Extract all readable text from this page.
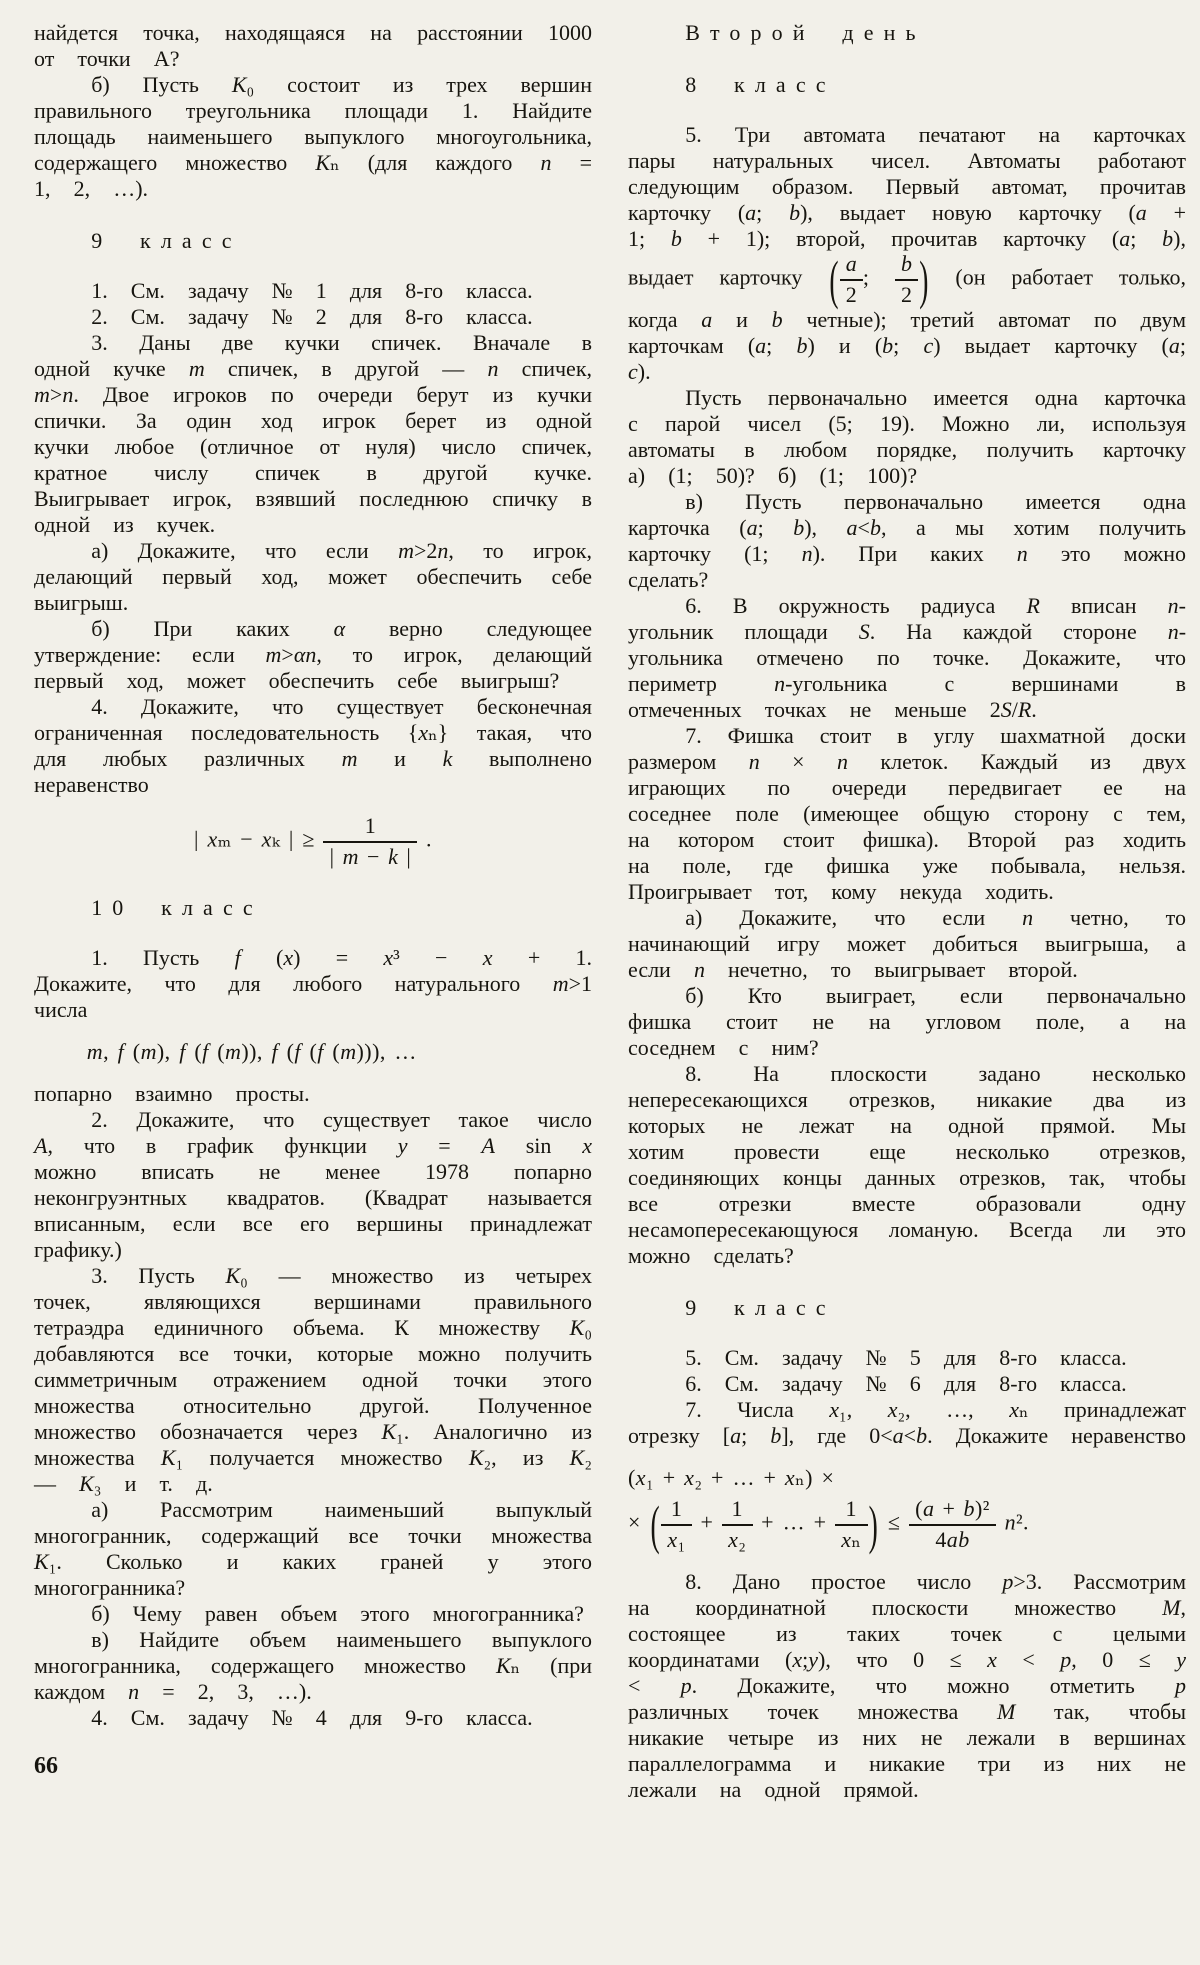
найдется точка, находящаяся на расстоянии 1000 от точки А?

б) Пусть K₀ состоит из трех вершин правильного треугольника площади 1. Найдите площадь наименьшего выпуклого многоугольника, содержащего множество Kₙ (для каждого n = 1, 2, …).

9 класс

1. См. задачу № 1 для 8-го класса.

2. См. задачу № 2 для 8-го класса.

3. Даны две кучки спичек. Вначале в одной кучке m спичек, в другой — n спичек, m>n. Двое игроков по очереди берут из кучки спички. За один ход игрок берет из одной кучки любое (отличное от нуля) число спичек, кратное числу спичек в другой кучке. Выигрывает игрок, взявший последнюю спичку в одной из кучек.

а) Докажите, что если m>2n, то игрок, делающий первый ход, может обеспечить себе выигрыш.

б) При каких α верно следующее утверждение: если m>αn, то игрок, делающий первый ход, может обеспечить себе выигрыш?

4. Докажите, что существует бесконечная ограниченная последовательность {xₙ} такая, что для любых различных m и k выполнено неравенство

| xₘ − xₖ | ≥ $\frac{1}{| m - k |}$ .

10 класс

1. Пусть f (x) = x³ − x + 1. Докажите, что для любого натурального m>1 числа

m, f (m), f (f (m)), f (f (f (m))), …

попарно взаимно просты.

2. Докажите, что существует такое число A, что в график функции y = A sin x можно вписать не менее 1978 попарно неконгруэнтных квадратов. (Квадрат называется вписанным, если все его вершины принадлежат графику.)

3. Пусть K₀ — множество из четырех точек, являющихся вершинами правильного тетраэдра единичного объема. К множеству K₀ добавляются все точки, которые можно получить симметричным отражением одной точки этого множества относительно другой. Полученное множество обозначается через K₁. Аналогично из множества K₁ получается множество K₂, из K₂ — K₃ и т. д.

а) Рассмотрим наименьший выпуклый многогранник, содержащий все точки множества K₁. Сколько и каких граней у этого многогранника?

б) Чему равен объем этого многогранника?

в) Найдите объем наименьшего выпуклого многогранника, содержащего множество Kₙ (при каждом n = 2, 3, …).

4. См. задачу № 4 для 9-го класса.

66

Второй день

8 класс

5. Три автомата печатают на карточках пары натуральных чисел. Автоматы работают следующим образом. Первый автомат, прочитав карточку (a; b), выдает новую карточку (a + 1; b + 1); второй, прочитав карточку (a; b), выдает карточку ( $\frac{a}{2}$ ; $\frac{b}{2}$ ) (он работает только, когда a и b четные); третий автомат по двум карточкам (a; b) и (b; c) выдает карточку (a; c).

Пусть первоначально имеется одна карточка с парой чисел (5; 19). Можно ли, используя автоматы в любом порядке, получить карточку а) (1; 50)? б) (1; 100)?

в) Пусть первоначально имеется одна карточка (a; b), a<b, а мы хотим получить карточку (1; n). При каких n это можно сделать?

6. В окружность радиуса R вписан n-угольник площади S. На каждой стороне n-угольника отмечено по точке. Докажите, что периметр n-угольника с вершинами в отмеченных точках не меньше 2S/R.

7. Фишка стоит в углу шахматной доски размером n × n клеток. Каждый из двух играющих по очереди передвигает ее на соседнее поле (имеющее общую сторону с тем, на котором стоит фишка). Второй раз ходить на поле, где фишка уже побывала, нельзя. Проигрывает тот, кому некуда ходить.

а) Докажите, что если n четно, то начинающий игру может добиться выигрыша, а если n нечетно, то выигрывает второй.

б) Кто выиграет, если первоначально фишка стоит не на угловом поле, а на соседнем с ним?

8. На плоскости задано несколько непересекающихся отрезков, никакие два из которых не лежат на одной прямой. Мы хотим провести еще несколько отрезков, соединяющих концы данных отрезков, так, чтобы все отрезки вместе образовали одну несамопересекающуюся ломаную. Всегда ли это можно сделать?

9 класс

5. См. задачу № 5 для 8-го класса.

6. См. задачу № 6 для 8-го класса.

7. Числа x₁, x₂, …, xₙ принадлежат отрезку [a; b], где 0<a<b. Докажите неравенство

(x₁ + x₂ + … + xₙ) ×
× ( $\frac{1}{\text{x₁}} + \frac{1}{\text{x₂}}$ + … + $\frac{1}{\text{xₙ}}$ ) ≤ $\frac{\text{(a + b)²}}{4ab} n^2$.

8. Дано простое число p>3. Рассмотрим на координатной плоскости множество M, состоящее из таких точек с целыми координатами (x;y), что 0 ≤ x < p, 0 ≤ y < p. Докажите, что можно отметить p различных точек множества M так, чтобы никакие четыре из них не лежали в вершинах параллелограмма и никакие три из них не лежали на одной прямой.
